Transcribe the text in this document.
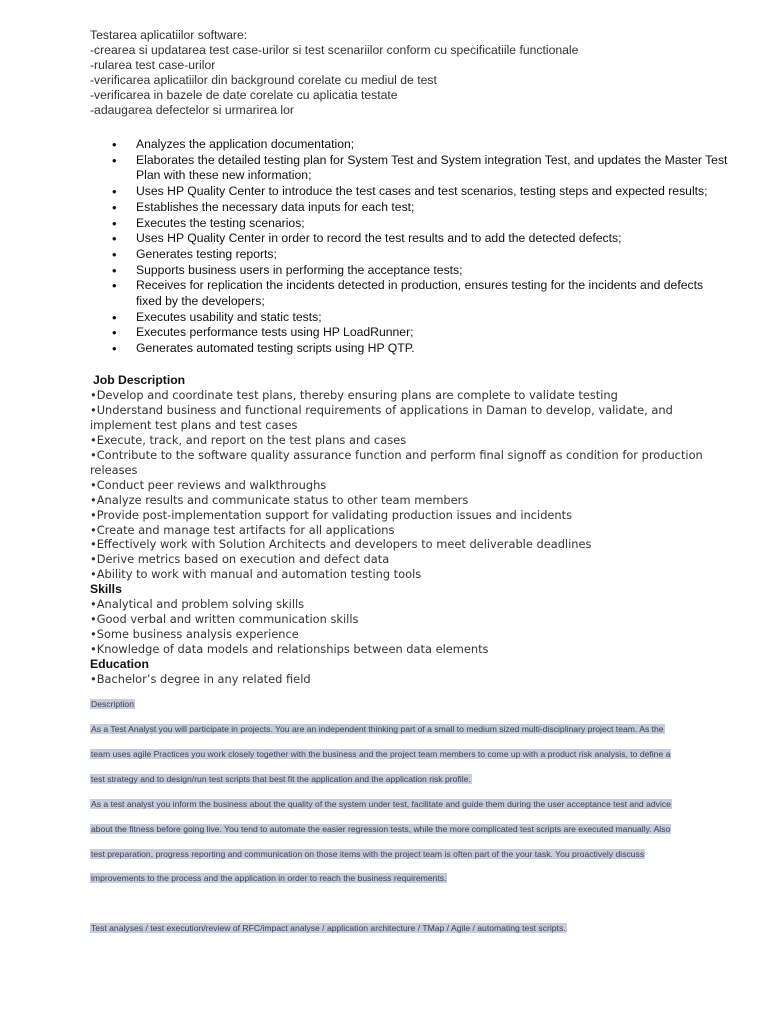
Testarea aplicatiilor software:
-crearea si updatarea test case-urilor si test scenariilor conform cu specificatiile functionale
-rularea test case-urilor
-verificarea aplicatiilor din background corelate cu mediul de test
-verificarea in bazele de date corelate cu aplicatia testate
-adaugarea defectelor si urmarirea lor
• Analyzes the application documentation;
• Elaborates the detailed testing plan for System Test and System integration Test, and updates the Master Test Plan with these new information;
• Uses HP Quality Center to introduce the test cases and test scenarios, testing steps and expected results;
• Establishes the necessary data inputs for each test;
• Executes the testing scenarios;
• Uses HP Quality Center in order to record the test results and to add the detected defects;
• Generates testing reports;
• Supports business users in performing the acceptance tests;
• Receives for replication the incidents detected in production, ensures testing for the incidents and defects fixed by the developers;
• Executes usability and static tests;
• Executes performance tests using HP LoadRunner;
• Generates automated testing scripts using HP QTP.
Job Description
•Develop and coordinate test plans, thereby ensuring plans are complete to validate testing
•Understand business and functional requirements of applications in Daman to develop, validate, and implement test plans and test cases
•Execute, track, and report on the test plans and cases
•Contribute to the software quality assurance function and perform final signoff as condition for production releases
•Conduct peer reviews and walkthroughs
•Analyze results and communicate status to other team members
•Provide post-implementation support for validating production issues and incidents
•Create and manage test artifacts for all applications
•Effectively work with Solution Architects and developers to meet deliverable deadlines
•Derive metrics based on execution and defect data
•Ability to work with manual and automation testing tools
Skills
•Analytical and problem solving skills
•Good verbal and written communication skills
•Some business analysis experience
•Knowledge of data models and relationships between data elements
Education
•Bachelor’s degree in any related field
Description
As a Test Analyst you will participate in projects. You are an independent thinking part of a small to medium sized multi-disciplinary project team. As the
team uses agile Practices you work closely together with the business and the project team members to come up with a product risk analysis, to define a
test strategy and to design/run test scripts that best fit the application and the application risk profile.
As a test analyst you inform the business about the quality of the system under test, facilitate and guide them during the user acceptance test and advice
about the fitness before going live. You tend to automate the easier regression tests, while the more complicated test scripts are executed manually. Also
test preparation, progress reporting and communication on those items with the project team is often part of the your task. You proactively discuss
improvements to the process and the application in order to reach the business requirements.
Test analyses / test execution/review of RFC/impact analyse / application architecture / TMap / Agile / automating test scripts.
